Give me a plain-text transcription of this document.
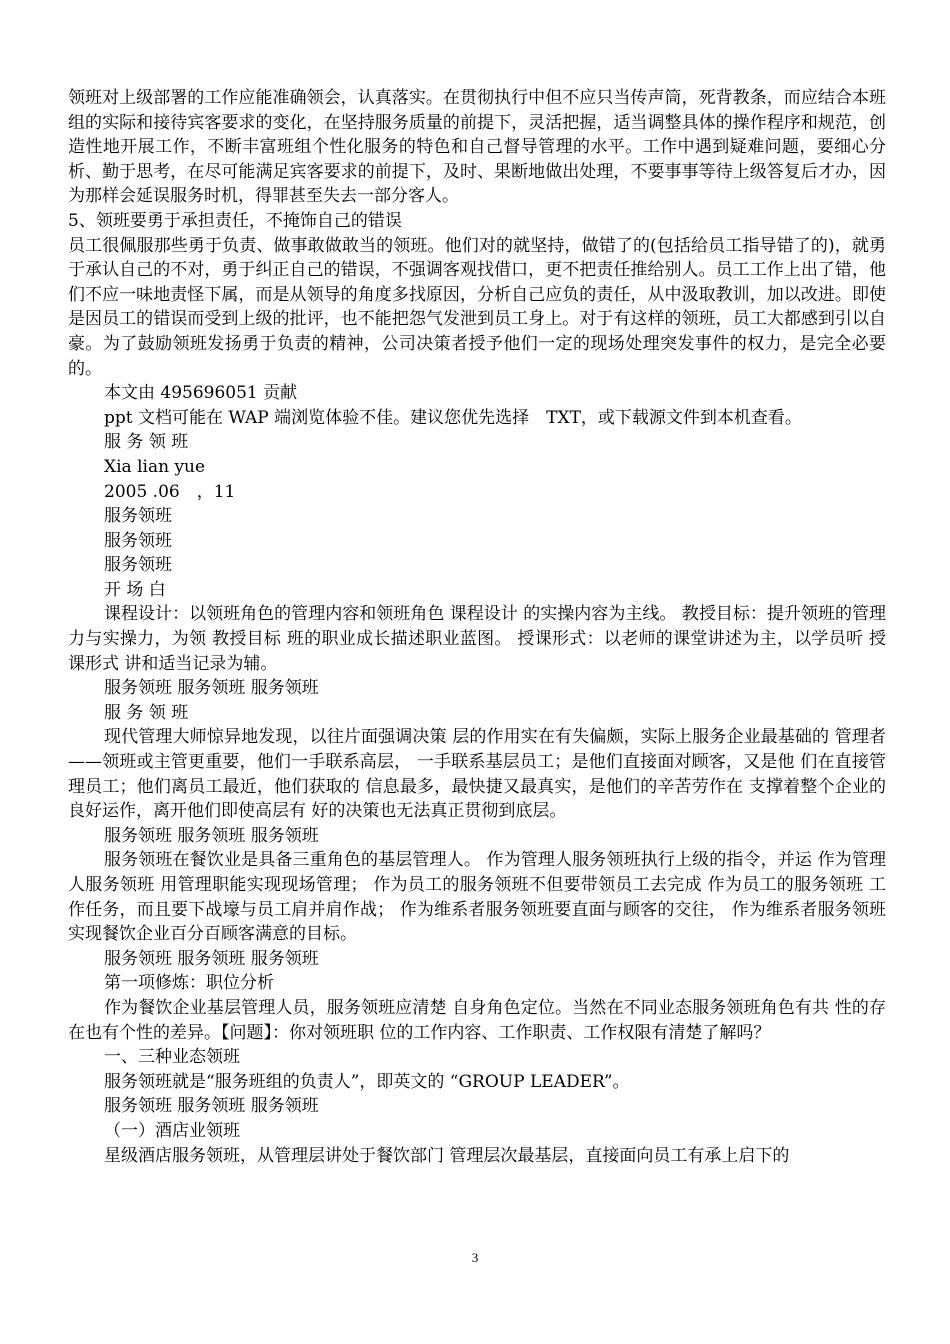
领班对上级部署的工作应能准确领会，认真落实。在贯彻执行中但不应只当传声筒，死背教条，而应结合本班组的实际和接待宾客要求的变化，在坚持服务质量的前提下，灵活把握，适当调整具体的操作程序和规范，创造性地开展工作，不断丰富班组个性化服务的特色和自己督导管理的水平。工作中遇到疑难问题，要细心分析、勤于思考，在尽可能满足宾客要求的前提下，及时、果断地做出处理，不要事事等待上级答复后才办，因为那样会延误服务时机，得罪甚至失去一部分客人。

5、领班要勇于承担责任，不掩饰自己的错误

员工很佩服那些勇于负责、做事敢做敢当的领班。他们对的就坚持，做错了的(包括给员工指导错了的)，就勇于承认自己的不对，勇于纠正自己的错误，不强调客观找借口，更不把责任推给别人。员工工作上出了错，他们不应一味地责怪下属，而是从领导的角度多找原因，分析自己应负的责任，从中汲取教训，加以改进。即使是因员工的错误而受到上级的批评，也不能把怨气发泄到员工身上。对于有这样的领班，员工大都感到引以自豪。为了鼓励领班发扬勇于负责的精神，公司决策者授予他们一定的现场处理突发事件的权力，是完全必要的。

本文由 495696051 贡献

ppt 文档可能在 WAP 端浏览体验不佳。建议您优先选择　TXT，或下载源文件到本机查看。

服 务 领 班

Xia lian yue

2005 .06　，11

服务领班

服务领班

服务领班

开 场 白

课程设计：以领班角色的管理内容和领班角色 课程设计 的实操内容为主线。 教授目标：提升领班的管理力与实操力，为领 教授目标 班的职业成长描述职业蓝图。 授课形式：以老师的课堂讲述为主，以学员听 授课形式 讲和适当记录为辅。

服务领班 服务领班 服务领班

服 务 领 班

现代管理大师惊异地发现，以往片面强调决策 层的作用实在有失偏颇，实际上服务企业最基础的 管理者——领班或主管更重要，他们一手联系高层， 一手联系基层员工；是他们直接面对顾客，又是他 们在直接管理员工；他们离员工最近，他们获取的 信息最多，最快捷又最真实，是他们的辛苦劳作在 支撑着整个企业的良好运作，离开他们即使高层有 好的决策也无法真正贯彻到底层。

服务领班 服务领班 服务领班

服务领班在餐饮业是具备三重角色的基层管理人。 作为管理人服务领班执行上级的指令，并运 作为管理人服务领班 用管理职能实现现场管理； 作为员工的服务领班不但要带领员工去完成 作为员工的服务领班 工作任务，而且要下战壕与员工肩并肩作战； 作为维系者服务领班要直面与顾客的交往， 作为维系者服务领班 实现餐饮企业百分百顾客满意的目标。

服务领班 服务领班 服务领班

第一项修炼：职位分析

作为餐饮企业基层管理人员，服务领班应清楚 自身角色定位。当然在不同业态服务领班角色有共 性的存在也有个性的差异。【问题】：你对领班职 位的工作内容、工作职责、工作权限有清楚了解吗？

一、三种业态领班

服务领班就是“服务班组的负责人”，即英文的 “GROUP LEADER”。

服务领班 服务领班 服务领班

（一）酒店业领班

星级酒店服务领班，从管理层讲处于餐饮部门 管理层次最基层，直接面向员工有承上启下的

3
